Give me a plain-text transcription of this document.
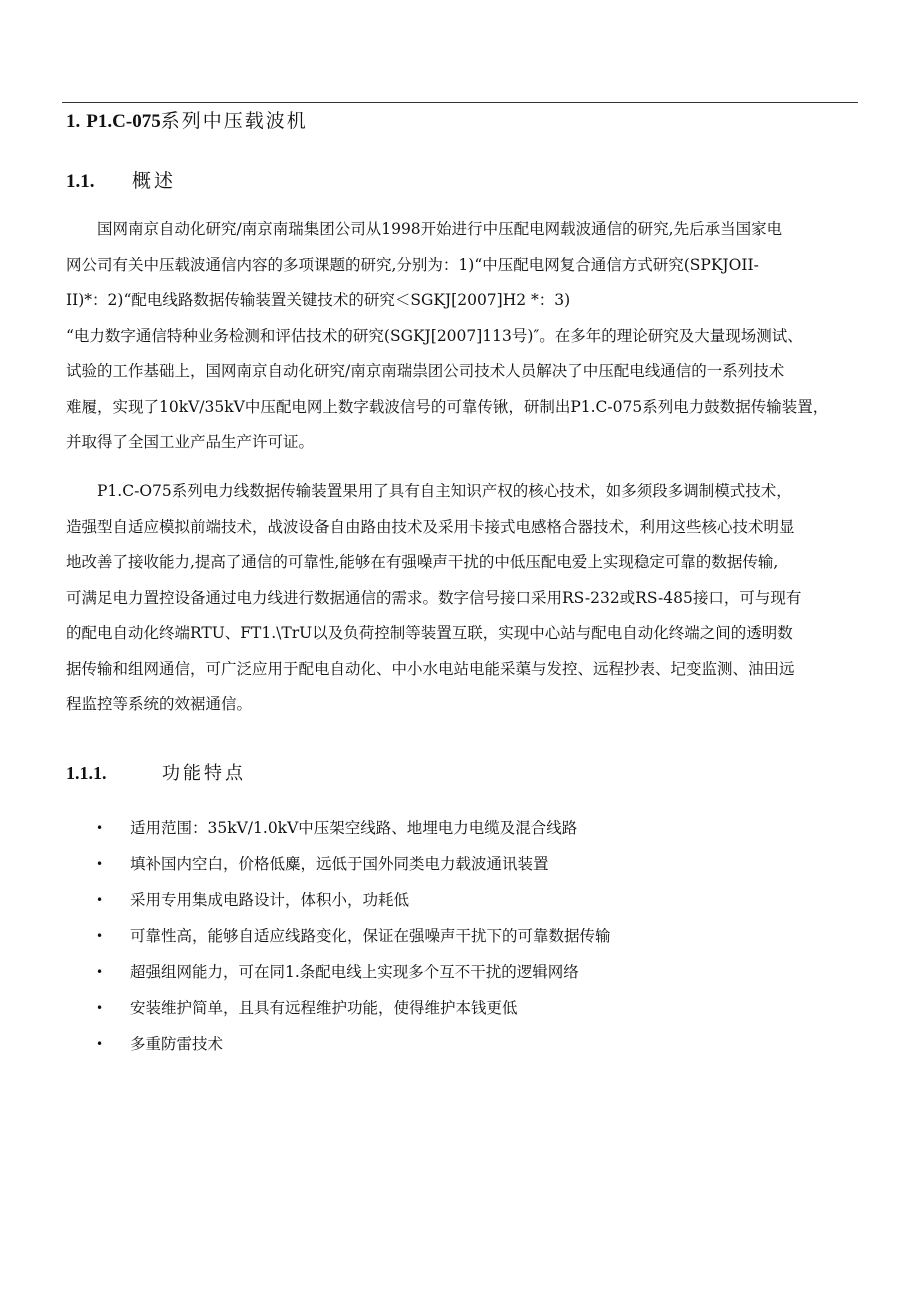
1. P1.C-075系列中压载波机
1.1. 概述
国网南京自动化研究/南京南瑞集团公司从1998开始进行中压配电网载波通信的研究,先后承当国家电
网公司有关中压载波通信内容的多项课题的研究,分别为：1)“中压配电网复合通信方式研究(SPKJOII-
II)*：2)“配电线路数据传输装置关键技术的研究＜SGKJ[2007]H2 *：3)
“电力数字通信特种业务检测和评估技术的研究(SGKJ[2007]113号)″。在多年的理论研究及大量现场测试、
试验的工作基础上，国网南京自动化研究/南京南瑞祟团公司技术人员解决了中压配电线通信的一系列技术
难履，实现了10kV/35kV中压配电网上数字载波信号的可靠传锹，研制出P1.C-075系列电力鼓数据传输装置，
并取得了全国工业产品生产许可证。
P1.C-O75系列电力线数据传输装置果用了具有自主知识产权的核心技术，如多须段多调制模式技术，
造强型自适应模拟前端技术，战波设备自由路由技术及采用卡接式电感格合器技术，利用这些核心技术明显
地改善了接收能力,提高了通信的可靠性,能够在有强噪声干扰的中低压配电爱上实现稳定可靠的数据传输,
可满足电力置控设备通过电力线进行数据通信的需求。数字信号接口采用RS-232或RS-485接口，可与现有
的配电自动化终端RTU、FT1.\TrU以及负荷控制等装置互联，实现中心站与配电自动化终端之间的透明数
据传输和组网通信，可广泛应用于配电自动化、中小水电站电能采蕖与发控、远程抄表、圮变监测、油田远
程监控等系统的效裾通信。
1.1.1.	功能特点
• 适用范围：35kV/1.0kV中压架空线路、地埋电力电缆及混合线路
• 填补国内空白，价格低麋，远低于国外同类电力载波通讯装置
• 采用专用集成电路设计，体积小，功耗低
• 可靠性高，能够自适应线路变化，保证在强噪声干扰下的可靠数据传输
• 超强组网能力，可在同1.条配电线上实现多个互不干扰的逻辑网络
• 安装维护简单，且具有远程维护功能，使得维护本钱更低
• 多重防雷技术
